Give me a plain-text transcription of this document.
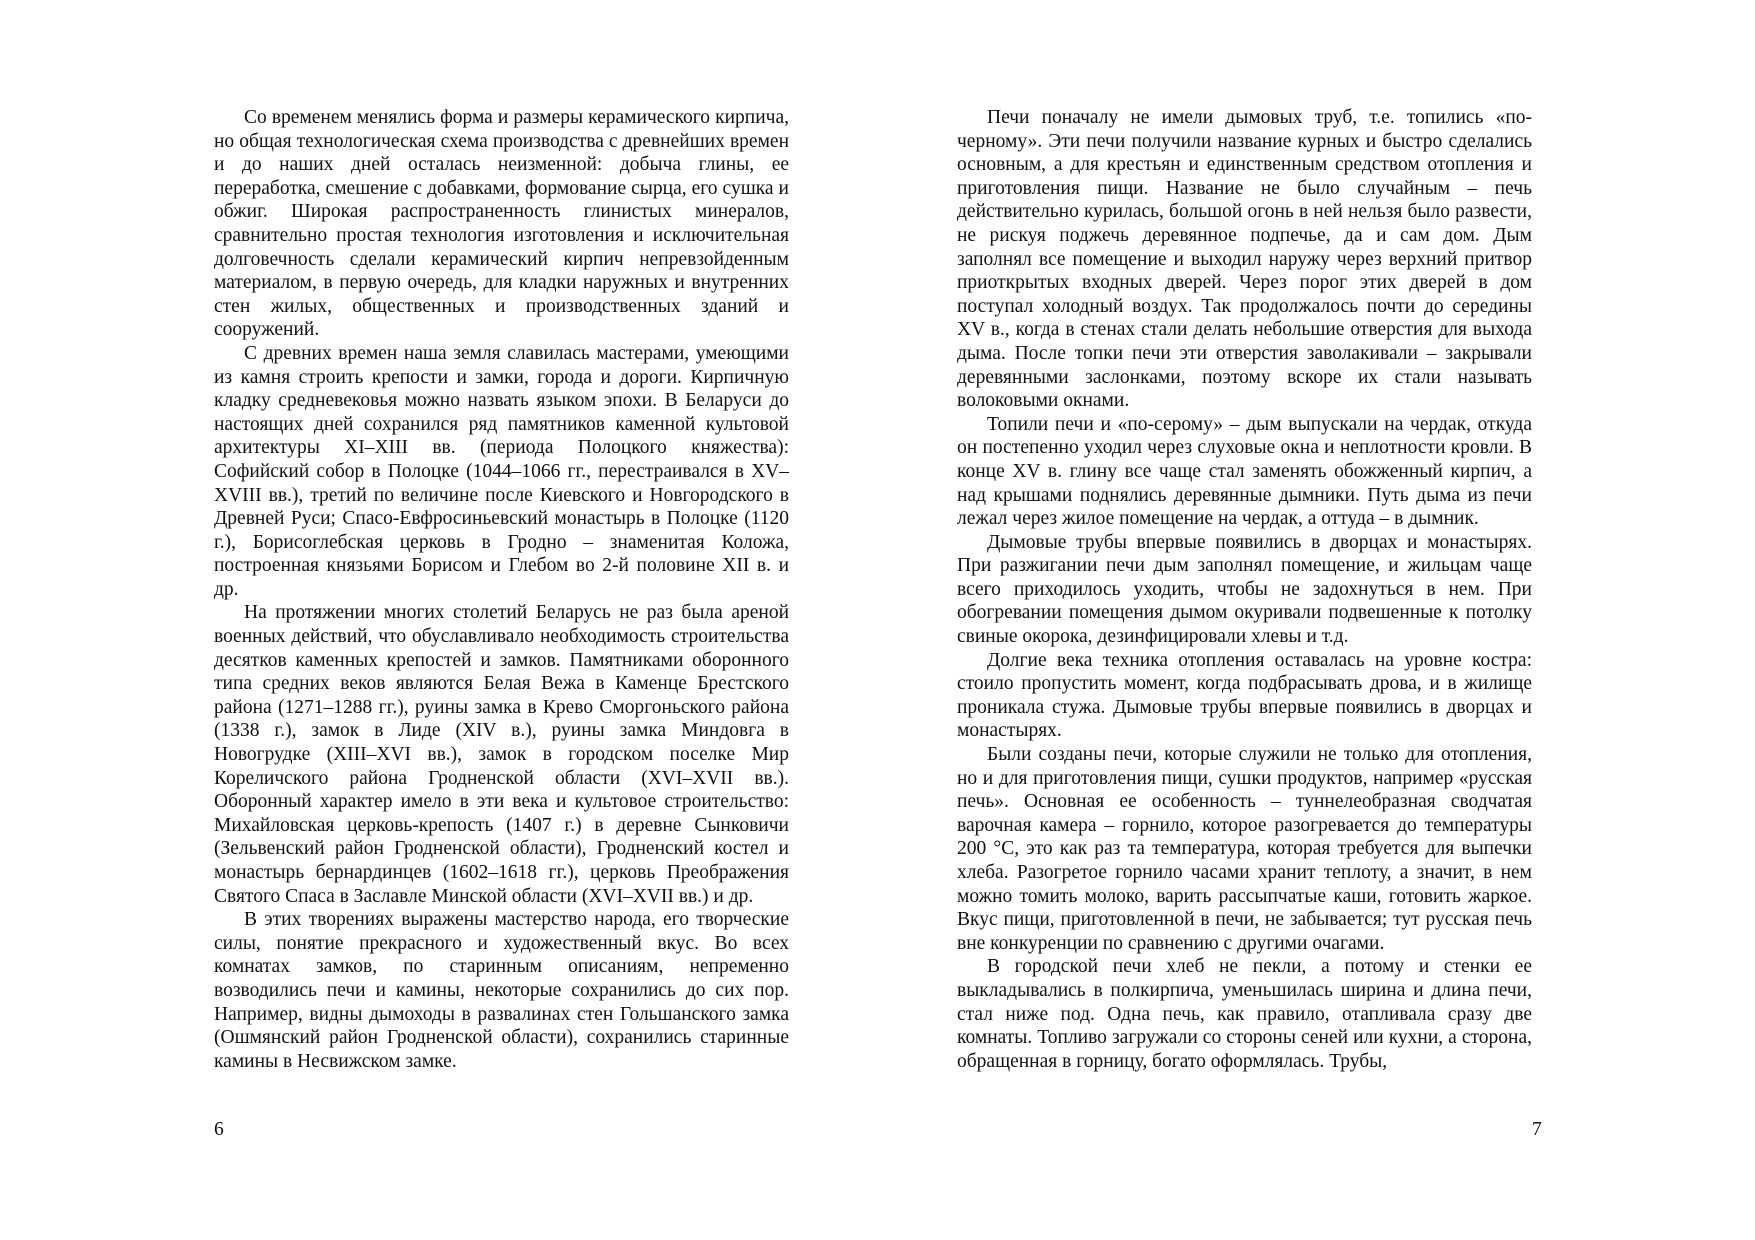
Со временем менялись форма и размеры керамического кирпича, но общая технологическая схема производства с древнейших времен и до наших дней осталась неизменной: добыча глины, ее переработка, смешение с добавками, формование сырца, его сушка и обжиг. Широкая распространенность глинистых минералов, сравнительно простая технология изготовления и исключительная долговечность сделали керамический кирпич непревзойденным материалом, в первую очередь, для кладки наружных и внутренних стен жилых, общественных и производственных зданий и сооружений.

С древних времен наша земля славилась мастерами, умеющими из камня строить крепости и замки, города и дороги. Кирпичную кладку средневековья можно назвать языком эпохи. В Беларуси до настоящих дней сохранился ряд памятников каменной культовой архитектуры XI–XIII вв. (периода Полоцкого княжества): Софийский собор в Полоцке (1044–1066 гг., перестраивался в XV–XVIII вв.), третий по величине после Киевского и Новгородского в Древней Руси; Спасо-Евфросиньевский монастырь в Полоцке (1120 г.), Борисоглебская церковь в Гродно – знаменитая Коложа, построенная князьями Борисом и Глебом во 2-й половине XII в. и др.

На протяжении многих столетий Беларусь не раз была ареной военных действий, что обуславливало необходимость строительства десятков каменных крепостей и замков. Памятниками оборонного типа средних веков являются Белая Вежа в Каменце Брестского района (1271–1288 гг.), руины замка в Крево Сморгоньского района (1338 г.), замок в Лиде (XIV в.), руины замка Миндовга в Новогрудке (XIII–XVI вв.), замок в городском поселке Мир Кореличского района Гродненской области (XVI–XVII вв.). Оборонный характер имело в эти века и культовое строительство: Михайловская церковь-крепость (1407 г.) в деревне Сынковичи (Зельвенский район Гродненской области), Гродненский костел и монастырь бернардинцев (1602–1618 гг.), церковь Преображения Святого Спаса в Заславле Минской области (XVI–XVII вв.) и др.

В этих творениях выражены мастерство народа, его творческие силы, понятие прекрасного и художественный вкус. Во всех комнатах замков, по старинным описаниям, непременно возводились печи и камины, некоторые сохранились до сих пор. Например, видны дымоходы в развалинах стен Гольшанского замка (Ошмянский район Гродненской области), сохранились старинные камины в Несвижском замке.

Печи поначалу не имели дымовых труб, т.е. топились «по-черному». Эти печи получили название курных и быстро сделались основным, а для крестьян и единственным средством отопления и приготовления пищи. Название не было случайным – печь действительно курилась, большой огонь в ней нельзя было развести, не рискуя поджечь деревянное подпечье, да и сам дом. Дым заполнял все помещение и выходил наружу через верхний притвор приоткрытых входных дверей. Через порог этих дверей в дом поступал холодный воздух. Так продолжалось почти до середины XV в., когда в стенах стали делать небольшие отверстия для выхода дыма. После топки печи эти отверстия заволакивали – закрывали деревянными заслонками, поэтому вскоре их стали называть волоковыми окнами.

Топили печи и «по-серому» – дым выпускали на чердак, откуда он постепенно уходил через слуховые окна и неплотности кровли. В конце XV в. глину все чаще стал заменять обожженный кирпич, а над крышами поднялись деревянные дымники. Путь дыма из печи лежал через жилое помещение на чердак, а оттуда – в дымник.

Дымовые трубы впервые появились в дворцах и монастырях. При разжигании печи дым заполнял помещение, и жильцам чаще всего приходилось уходить, чтобы не задохнуться в нем. При обогревании помещения дымом окуривали подвешенные к потолку свиные окорока, дезинфицировали хлевы и т.д.

Долгие века техника отопления оставалась на уровне костра: стоило пропустить момент, когда подбрасывать дрова, и в жилище проникала стужа. Дымовые трубы впервые появились в дворцах и монастырях.

Были созданы печи, которые служили не только для отопления, но и для приготовления пищи, сушки продуктов, например «русская печь». Основная ее особенность – туннелеобразная сводчатая варочная камера – горнило, которое разогревается до температуры 200 °С, это как раз та температура, которая требуется для выпечки хлеба. Разогретое горнило часами хранит теплоту, а значит, в нем можно томить молоко, варить рассыпчатые каши, готовить жаркое. Вкус пищи, приготовленной в печи, не забывается; тут русская печь вне конкуренции по сравнению с другими очагами.

В городской печи хлеб не пекли, а потому и стенки ее выкладывались в полкирпича, уменьшилась ширина и длина печи, стал ниже под. Одна печь, как правило, отапливала сразу две комнаты. Топливо загружали со стороны сеней или кухни, а сторона, обращенная в горницу, богато оформлялась. Трубы,

6	7
